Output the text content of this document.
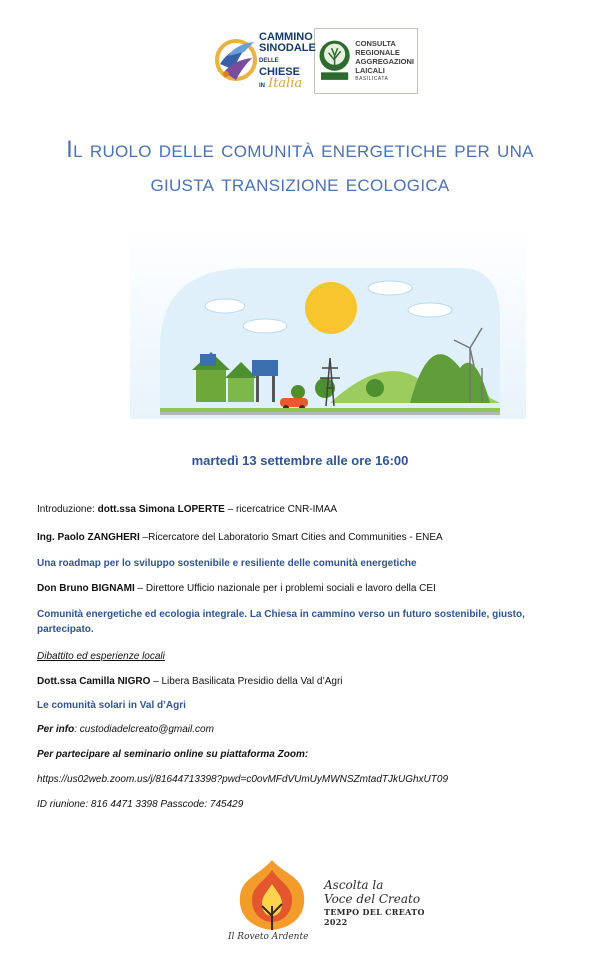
CAMMINO
SINODALE
DELLE CHIESE
IN Italia
CONSULTA
REGIONALE
AGGREGAZIONI
LAICALI
BASILICATA
Il ruolo delle comunità energetiche per una
giusta transizione ecologica
martedì 13 settembre alle ore 16:00
Introduzione: dott.ssa Simona LOPERTE – ricercatrice CNR-IMAA
Ing. Paolo ZANGHERI –Ricercatore del Laboratorio Smart Cities and Communities - ENEA
Una roadmap per lo sviluppo sostenibile e resiliente delle comunità energetiche
Don Bruno BIGNAMI – Direttore Ufficio nazionale per i problemi sociali e lavoro della CEI
Comunità energetiche ed ecologia integrale. La Chiesa in cammino verso un futuro sostenibile, giusto, partecipato.
Dibattito ed esperienze locali
Dott.ssa Camilla NIGRO – Libera Basilicata Presidio della Val d’Agri
Le comunità solari in Val d’Agri
Per info: custodiadelcreato@gmail.com
Per partecipare al seminario online su piattaforma Zoom:
https://us02web.zoom.us/j/81644713398?pwd=c0ovMFdVUmUyMWNSZmtadTJkUGhxUT09
ID riunione: 816 4471 3398 Passcode: 745429
Ascolta la
Voce del Creato
TEMPO DEL CREATO 2022
Il Roveto Ardente
